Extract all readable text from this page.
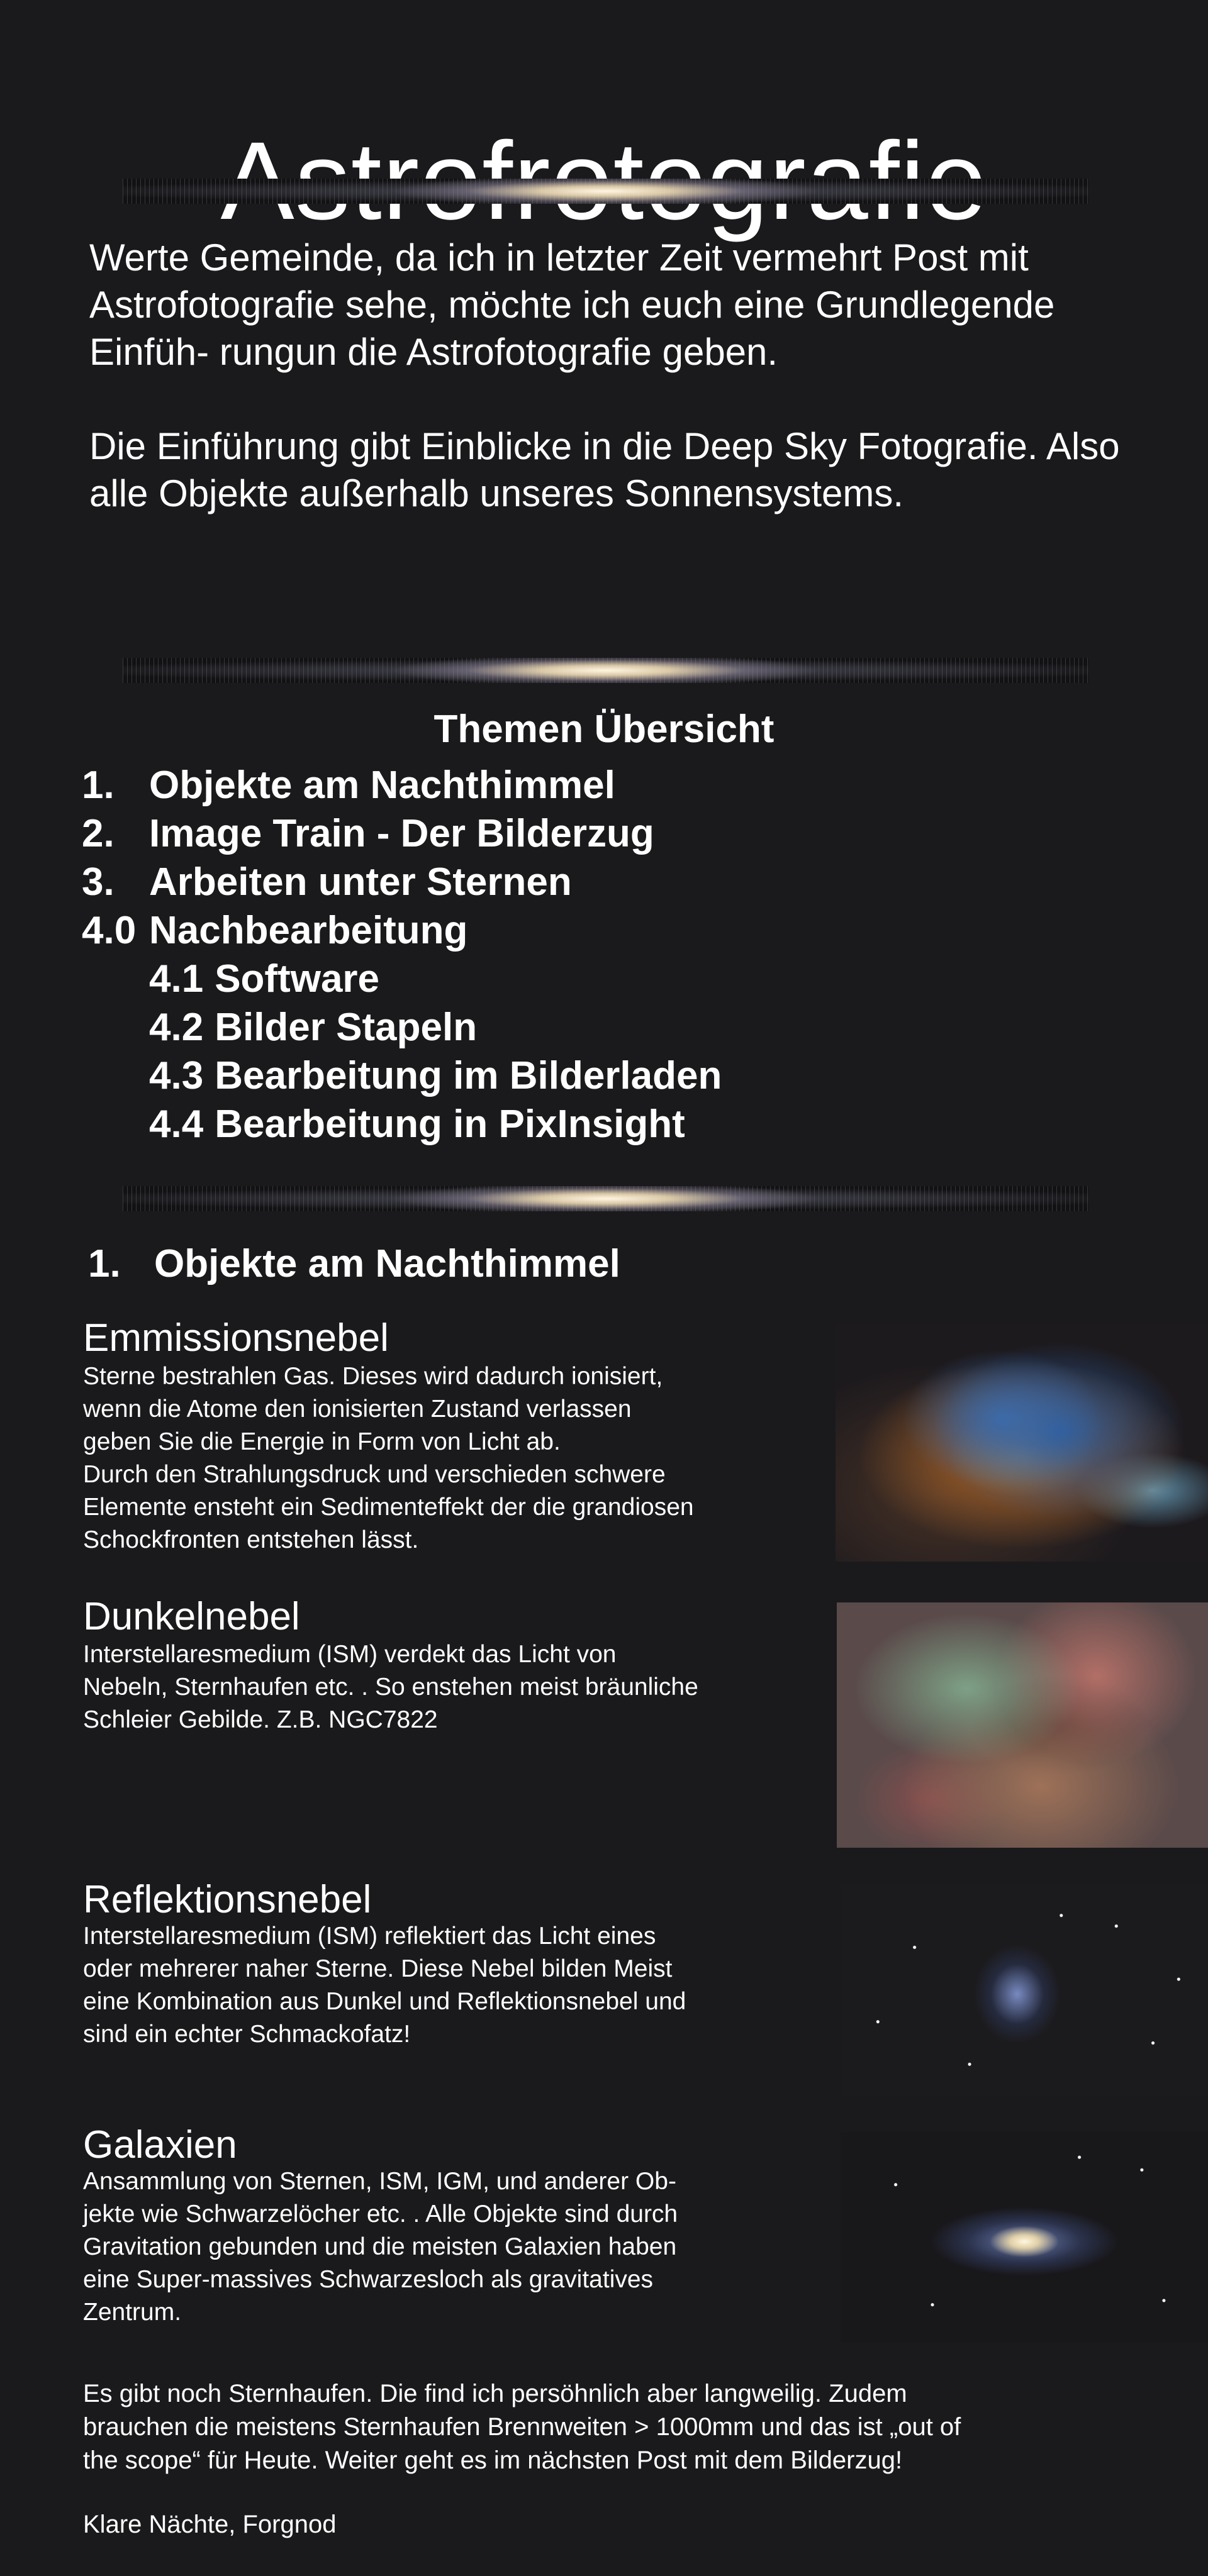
Werte Gemeinde, da ich in letzter Zeit vermehrt Post mit Astrofotografie sehe, möchte ich euch eine Grundlegende Einfüh- rungun die Astrofotografie geben.

Die Einführung gibt Einblicke in die Deep Sky Fotografie. Also alle Objekte außerhalb unseres Sonnensystems.

Themen Übersicht
1. Objekte am Nachthimmel
2. Image Train - Der Bilderzug
3. Arbeiten unter Sternen
4.0 Nachbearbeitung
4.1 Software
4.2 Bilder Stapeln
4.3 Bearbeitung im Bilderladen
4.4 Bearbeitung in PixInsight
1. Objekte am Nachthimmel
Emmissionsnebel

Sterne bestrahlen Gas. Dieses wird dadurch ionisiert,

wenn die Atome den ionisierten Zustand verlassen

geben Sie die Energie in Form von Licht ab.

Durch den Strahlungsdruck und verschieden schwere

Elemente ensteht ein Sedimenteffekt der die grandiosen

Schockfronten entstehen lässt.

Dunkelnebel

Interstellaresmedium (ISM) verdekt das Licht von

Nebeln, Sternhaufen etc. . So enstehen meist bräunliche

Schleier Gebilde. Z.B. NGC7822

Reflektionsnebel

Interstellaresmedium (ISM) reflektiert das Licht eines

oder mehrerer naher Sterne. Diese Nebel bilden Meist

eine Kombination aus Dunkel und Reflektionsnebel und

sind ein echter Schmackofatz!

Galaxien

Ansammlung von Sternen, ISM, IGM, und anderer Ob-

jekte wie Schwarzelöcher etc. . Alle Objekte sind durch

Gravitation gebunden und die meisten Galaxien haben

eine Super-massives Schwarzesloch als gravitatives

Zentrum.

Es gibt noch Sternhaufen. Die find ich persöhnlich aber langweilig. Zudem
brauchen die meistens Sternhaufen Brennweiten > 1000mm und das ist „out of
the scope“ für Heute. Weiter geht es im nächsten Post mit dem Bilderzug!
Klare Nächte, Forgnod
